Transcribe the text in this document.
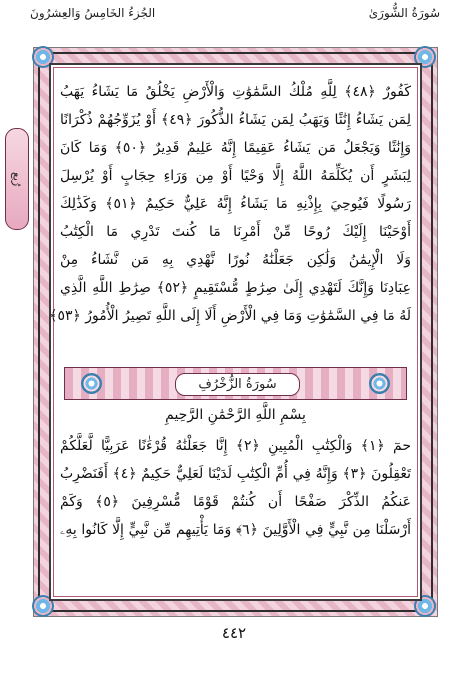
سُورَةُ الشُّورَىٰ
الجُزءُ الخَامِسُ وَالعِشرُونَ
رُبع
كَفُورٌ ﴿٤٨﴾ لِلَّهِ مُلْكُ السَّمَٰوَٰتِ وَالْأَرْضِ يَخْلُقُ مَا يَشَاءُ يَهَبُ
لِمَن يَشَاءُ إِنَٰثًا وَيَهَبُ لِمَن يَشَاءُ الذُّكُورَ ﴿٤٩﴾ أَوْ يُزَوِّجُهُمْ ذُكْرَانًا
وَإِنَٰثًا وَيَجْعَلُ مَن يَشَاءُ عَقِيمًا إِنَّهُ عَلِيمٌ قَدِيرٌ ﴿٥٠﴾ وَمَا كَانَ
لِبَشَرٍ أَن يُكَلِّمَهُ اللَّهُ إِلَّا وَحْيًا أَوْ مِن وَرَاءِ حِجَابٍ أَوْ يُرْسِلَ
رَسُولًا فَيُوحِيَ بِإِذْنِهِ مَا يَشَاءُ إِنَّهُ عَلِيٌّ حَكِيمٌ ﴿٥١﴾ وَكَذَٰلِكَ
أَوْحَيْنَا إِلَيْكَ رُوحًا مِّنْ أَمْرِنَا مَا كُنتَ تَدْرِي مَا الْكِتَٰبُ
وَلَا الْإِيمَٰنُ وَلَٰكِن جَعَلْنَٰهُ نُورًا نَّهْدِي بِهِ مَن نَّشَاءُ مِنْ
عِبَادِنَا وَإِنَّكَ لَتَهْدِي إِلَىٰ صِرَٰطٍ مُّسْتَقِيمٍ ﴿٥٢﴾ صِرَٰطِ اللَّهِ الَّذِي
لَهُ مَا فِي السَّمَٰوَٰتِ وَمَا فِي الْأَرْضِ أَلَا إِلَى اللَّهِ تَصِيرُ الْأُمُورُ ﴿٥٣﴾
سُورَةُ الزُّخْرُفِ
بِسْمِ اللَّهِ الرَّحْمَٰنِ الرَّحِيمِ
حمٓ ﴿١﴾ وَالْكِتَٰبِ الْمُبِينِ ﴿٢﴾ إِنَّا جَعَلْنَٰهُ قُرْءَٰنًا عَرَبِيًّا لَّعَلَّكُمْ
تَعْقِلُونَ ﴿٣﴾ وَإِنَّهُ فِي أُمِّ الْكِتَٰبِ لَدَيْنَا لَعَلِيٌّ حَكِيمٌ ﴿٤﴾ أَفَنَضْرِبُ
عَنكُمُ الذِّكْرَ صَفْحًا أَن كُنتُمْ قَوْمًا مُّسْرِفِينَ ﴿٥﴾ وَكَمْ
أَرْسَلْنَا مِن نَّبِيٍّ فِي الْأَوَّلِينَ ﴿٦﴾ وَمَا يَأْتِيهِم مِّن نَّبِيٍّ إِلَّا كَانُوا بِهِۦ
٤٤٢
